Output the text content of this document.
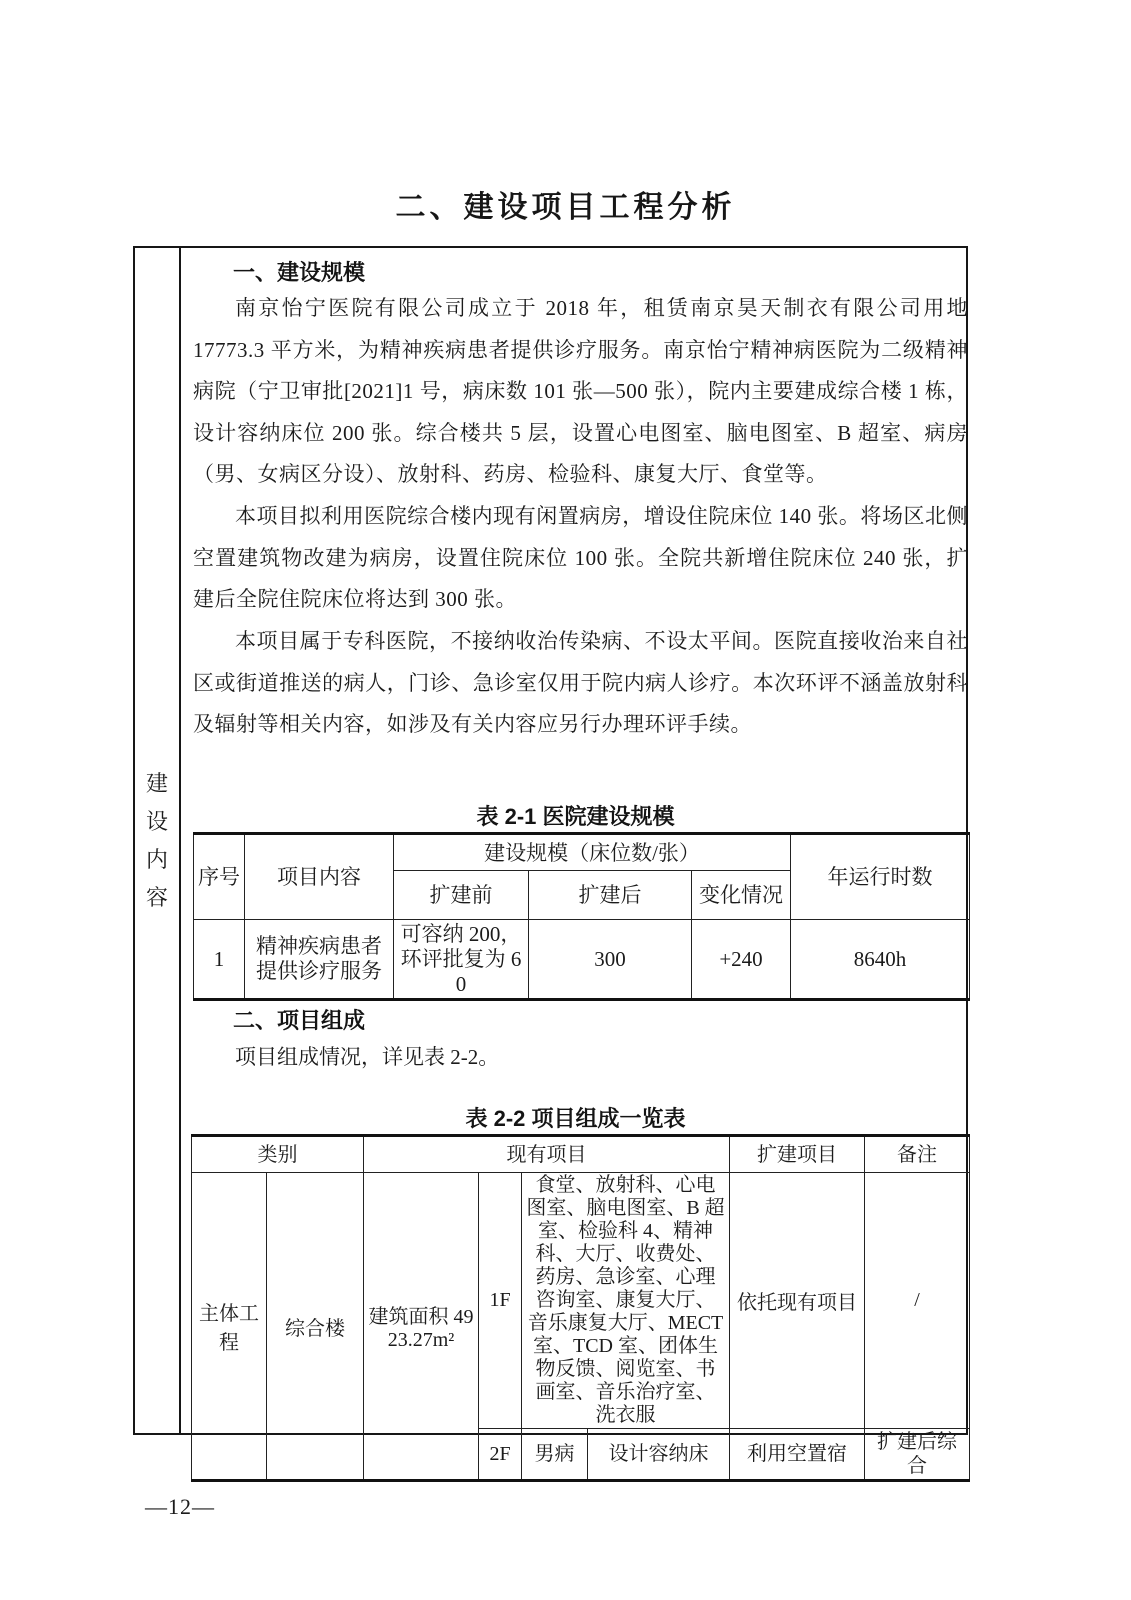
二、建设项目工程分析
建
设
内
容
一、建设规模

南京怡宁医院有限公司成立于 2018 年，租赁南京昊天制衣有限公司用地 17773.3 平方米，为精神疾病患者提供诊疗服务。南京怡宁精神病医院为二级精神病院（宁卫审批[2021]1 号，病床数 101 张—500 张），院内主要建成综合楼 1 栋，设计容纳床位 200 张。综合楼共 5 层，设置心电图室、脑电图室、B 超室、病房（男、女病区分设）、放射科、药房、检验科、康复大厅、食堂等。

本项目拟利用医院综合楼内现有闲置病房，增设住院床位 140 张。将场区北侧空置建筑物改建为病房，设置住院床位 100 张。全院共新增住院床位 240 张，扩建后全院住院床位将达到 300 张。

本项目属于专科医院，不接纳收治传染病、不设太平间。医院直接收治来自社区或街道推送的病人，门诊、急诊室仅用于院内病人诊疗。本次环评不涵盖放射科及辐射等相关内容，如涉及有关内容应另行办理环评手续。

表 2-1 医院建设规模
序号	项目内容	建设规模（床位数/张）			年运行时数
		扩建前	扩建后	变化情况	
1	精神疾病患者提供诊疗服务	可容纳 200，环评批复为 60	300	+240	8640h
二、项目组成

项目组成情况，详见表 2-2。

表 2-2 项目组成一览表
类别		现有项目				扩建项目	备注
主体工程	综合楼	建筑面积 4923.27m²	1F	食堂、放射科、心电图室、脑电图室、B 超室、检验科 4、精神科、大厅、收费处、药房、急诊室、心理咨询室、康复大厅、音乐康复大厅、MECT 室、TCD 室、团体生物反馈、阅览室、书画室、音乐治疗室、洗衣服		依托现有项目	/
			2F	男病	设计容纳床	利用空置宿	扩建后综合
—12—
